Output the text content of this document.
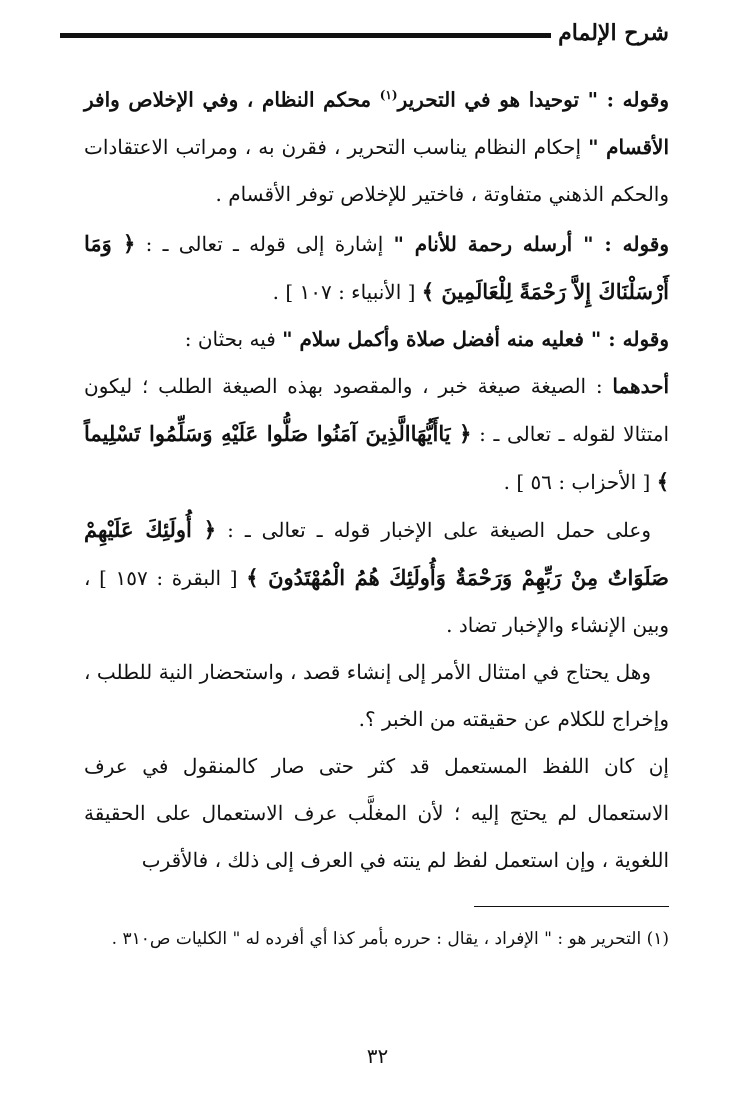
شرح الإلمام

وقوله : " توحيدا هو في التحرير$^{(١)}$ محكم النظام ، وفي الإخلاص وافر الأقسام " إحكام النظام يناسب التحرير ، فقرن به ، ومراتب الاعتقادات والحكم الذهني متفاوتة ، فاختير للإخلاص توفر الأقسام .

وقوله : " أرسله رحمة للأنام " إشارة إلى قوله ـ تعالى ـ : ﴿ وَمَا أَرْسَلْنَاكَ إِلاَّ رَحْمَةً لِلْعَالَمِينَ ﴾ [ الأنبياء : ١٠٧ ] .

وقوله : " فعليه منه أفضل صلاة وأكمل سلام " فيه بحثان :

أحدهما : الصيغة صيغة خبر ، والمقصود بهذه الصيغة الطلب ؛ ليكون امتثالا لقوله ـ تعالى ـ : ﴿ يَاأَيُّهَاالَّذِينَ آمَنُوا صَلُّوا عَلَيْهِ وَسَلِّمُوا تَسْلِيماً ﴾ [ الأحزاب : ٥٦ ] .

وعلى حمل الصيغة على الإخبار قوله ـ تعالى ـ : ﴿ أُولَئِكَ عَلَيْهِمْ صَلَوَاتٌ مِنْ رَبِّهِمْ وَرَحْمَةٌ وَأُولَئِكَ هُمُ الْمُهْتَدُونَ ﴾ [ البقرة : ١٥٧ ] ، وبين الإنشاء والإخبار تضاد .

وهل يحتاج في امتثال الأمر إلى إنشاء قصد ، واستحضار النية للطلب ، وإخراج للكلام عن حقيقته من الخبر ؟.

إن كان اللفظ المستعمل قد كثر حتى صار كالمنقول في عرف الاستعمال لم يحتج إليه ؛ لأن المغلَّب عرف الاستعمال على الحقيقة اللغوية ، وإن استعمل لفظ لم ينته في العرف إلى ذلك ، فالأقرب

(١) التحرير هو : " الإفراد ، يقال : حرره بأمر كذا أي أفرده له " الكليات ص٣١٠ .

٣٢
